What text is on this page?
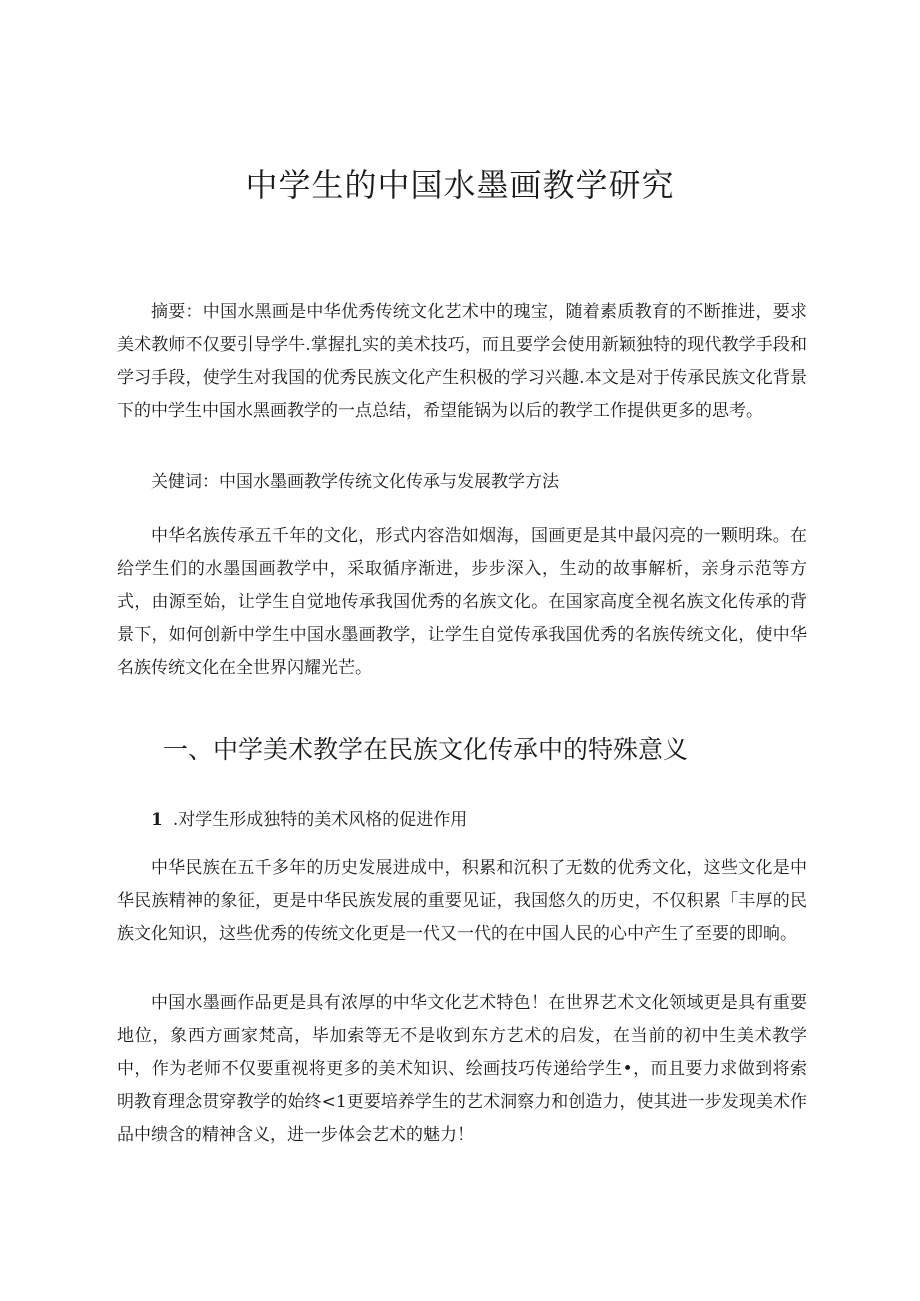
中学生的中国水墨画教学研究

摘要：中国水黑画是中华优秀传统文化艺术中的瑰宝，随着素质教育的不断推进，要求美术教师不仅要引导学牛.掌握扎实的美术技巧，而且要学会使用新颖独特的现代教学手段和学习手段，使学生对我国的优秀民族文化产生积极的学习兴趣.本文是对于传承民族文化背景下的中学生中国水黑画教学的一点总结，希望能锅为以后的教学工作提供更多的思考。

关健词：中国水墨画教学传统文化传承与发展教学方法

中华名族传承五千年的文化，形式内容浩如烟海，国画更是其中最闪亮的一颗明珠。在给学生们的水墨国画教学中，采取循序渐进，步步深入，生动的故事解析，亲身示范等方式，由源至始，让学生自觉地传承我国优秀的名族文化。在国家高度全视名族文化传承的背景下，如何创新中学生中国水墨画教学，让学生自觉传承我国优秀的名族传统文化，使中华名族传统文化在全世界闪耀光芒。

一、中学美术教学在民族文化传承中的特殊意义

1 .对学生形成独特的美术风格的促进作用

中华民族在五千多年的历史发展进成中，积累和沉积了无数的优秀文化，这些文化是中华民族精神的象征，更是中华民族发展的重要见证，我国悠久的历史，不仅积累「丰厚的民族文化知识，这些优秀的传统文化更是一代又一代的在中国人民的心中产生了至要的即晌。

中国水墨画作品更是具有浓厚的中华文化艺术特色！在世界艺术文化领域更是具有重要地位，象西方画家梵高，毕加索等无不是收到东方艺术的启发，在当前的初中生美术教学中，作为老师不仅要重视将更多的美术知识、绘画技巧传递给学生•，而且要力求做到将索明教育理念贯穿教学的始终<1更要培养学生的艺术洞察力和创造力，使其进一步发现美术作品中缋含的精神含义，进一步体会艺术的魅力！
